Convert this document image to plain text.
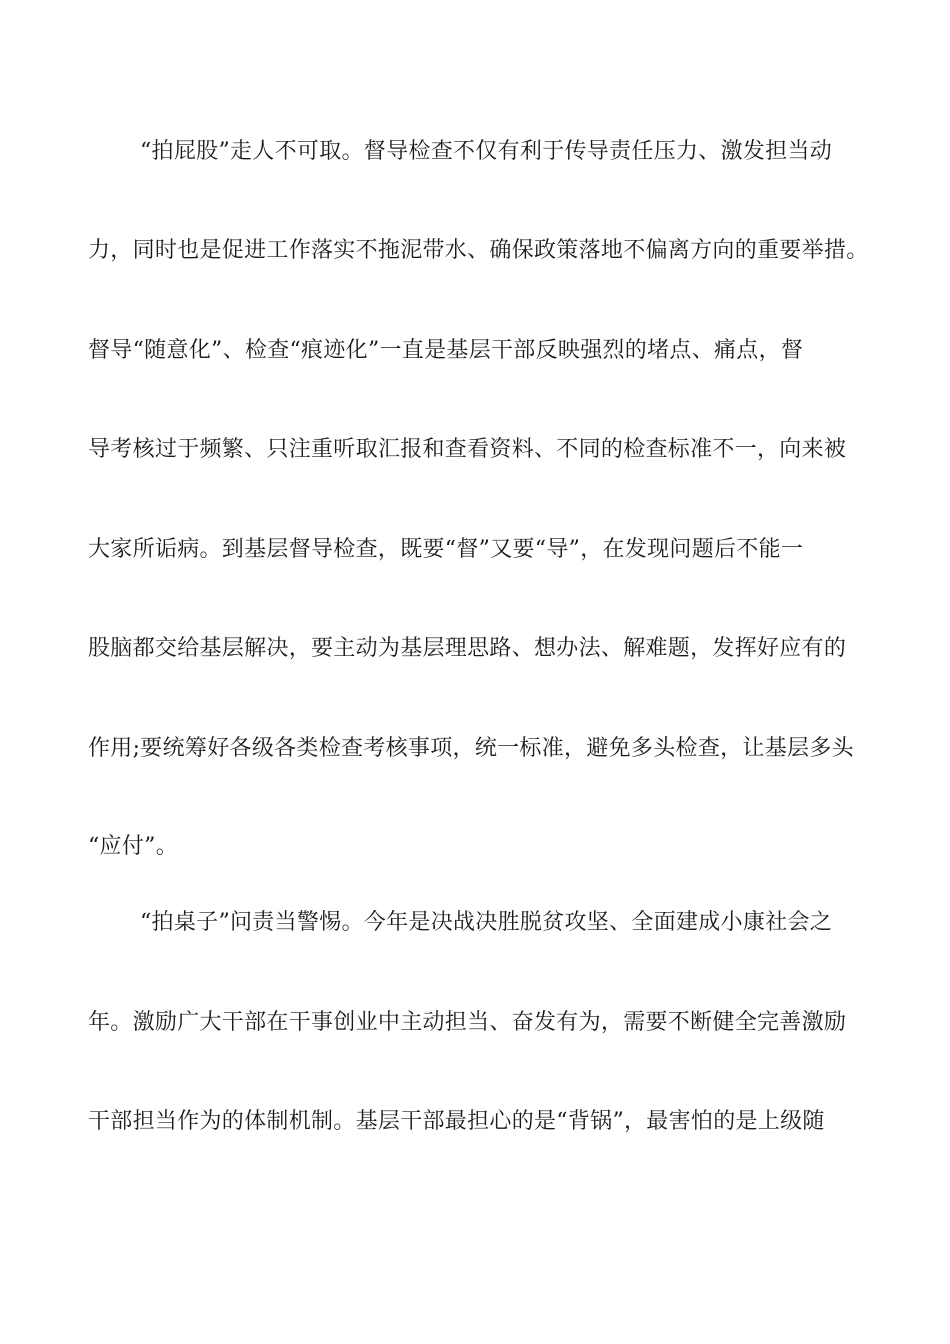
“拍屁股”走人不可取。督导检查不仅有利于传导责任压力、激发担当动
力，同时也是促进工作落实不拖泥带水、确保政策落地不偏离方向的重要举措。
督导“随意化”、检查“痕迹化”一直是基层干部反映强烈的堵点、痛点，督
导考核过于频繁、只注重听取汇报和查看资料、不同的检查标准不一，向来被
大家所诟病。到基层督导检查，既要“督”又要“导”，在发现问题后不能一
股脑都交给基层解决，要主动为基层理思路、想办法、解难题，发挥好应有的
作用;要统筹好各级各类检查考核事项，统一标准，避免多头检查，让基层多头
“应付”。
“拍桌子”问责当警惕。今年是决战决胜脱贫攻坚、全面建成小康社会之
年。激励广大干部在干事创业中主动担当、奋发有为，需要不断健全完善激励
干部担当作为的体制机制。基层干部最担心的是“背锅”，最害怕的是上级随
